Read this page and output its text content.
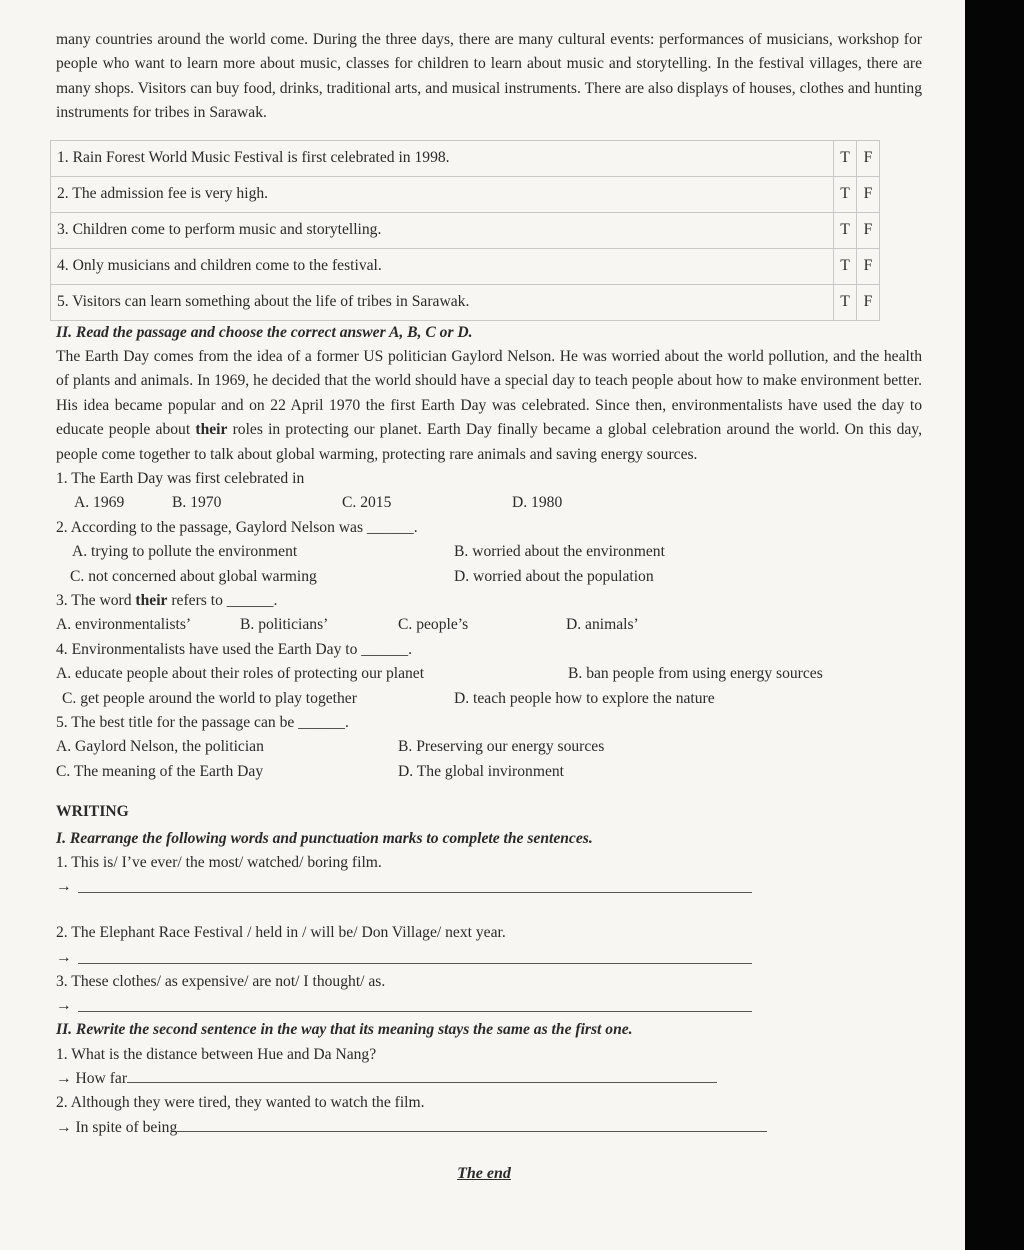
many countries around the world come. During the three days, there are many cultural events: performances of musicians, workshop for people who want to learn more about music, classes for children to learn about music and storytelling. In the festival villages, there are many shops. Visitors can buy food, drinks, traditional arts, and musical instruments. There are also displays of houses, clothes and hunting instruments for tribes in Sarawak.

1. Rain Forest World Music Festival is first celebrated in 1998.	T	F
2. The admission fee is very high.	T	F
3. Children come to perform music and storytelling.	T	F
4. Only musicians and children come to the festival.	T	F
5. Visitors can learn something about the life of tribes in Sarawak.	T	F

II. Read the passage and choose the correct answer A, B, C or D.

The Earth Day comes from the idea of a former US politician Gaylord Nelson. He was worried about the world pollution, and the health of plants and animals. In 1969, he decided that the world should have a special day to teach people about how to make environment better. His idea became popular and on 22 April 1970 the first Earth Day was celebrated. Since then, environmentalists have used the day to educate people about their roles in protecting our planet. Earth Day finally became a global celebration around the world. On this day, people come together to talk about global warming, protecting rare animals and saving energy sources.

1. The Earth Day was first celebrated in

A. 1969	B. 1970	C. 2015	D. 1980

2. According to the passage, Gaylord Nelson was ______.

A. trying to pollute the environment	B. worried about the environment
C. not concerned about global warming	D. worried about the population

3. The word their refers to ______.

A. environmentalists’	B. politicians’	C. people’s	D. animals’

4. Environmentalists have used the Earth Day to ______.

A. educate people about their roles of protecting our planet	B. ban people from using energy sources
C. get people around the world to play together	D. teach people how to explore the nature

5. The best title for the passage can be ______.

A. Gaylord Nelson, the politician	B. Preserving our energy sources
C. The meaning of the Earth Day	D. The global invironment

WRITING

I. Rearrange the following words and punctuation marks to complete the sentences.

1. This is/ I’ve ever/ the most/ watched/ boring film.

→

2. The Elephant Race Festival / held in / will be/ Don Village/ next year.

→

3. These clothes/ as expensive/ are not/ I thought/ as.

→

II. Rewrite the second sentence in the way that its meaning stays the same as the first one.

1. What is the distance between Hue and Da Nang?

→ How far

2. Although they were tired, they wanted to watch the film.

→ In spite of being

The end
